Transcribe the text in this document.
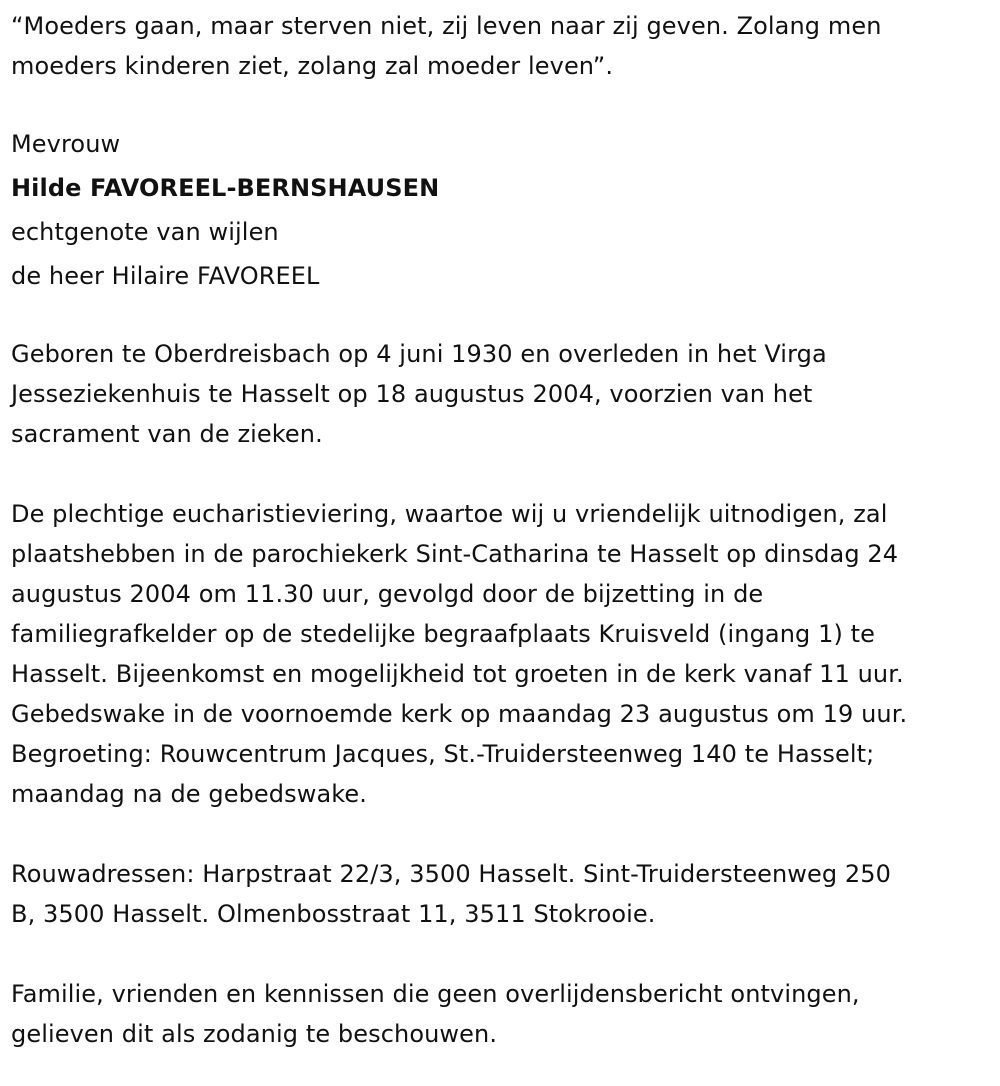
“Moeders gaan, maar sterven niet, zij leven naar zij geven. Zolang men
moeders kinderen ziet, zolang zal moeder leven”.
Mevrouw
Hilde FAVOREEL-BERNSHAUSEN
echtgenote van wijlen
de heer Hilaire FAVOREEL
Geboren te Oberdreisbach op 4 juni 1930 en overleden in het Virga
Jesseziekenhuis te Hasselt op 18 augustus 2004, voorzien van het
sacrament van de zieken.
De plechtige eucharistieviering, waartoe wij u vriendelijk uitnodigen, zal
plaatshebben in de parochiekerk Sint-Catharina te Hasselt op dinsdag 24
augustus 2004 om 11.30 uur, gevolgd door de bijzetting in de
familiegrafkelder op de stedelijke begraafplaats Kruisveld (ingang 1) te
Hasselt. Bijeenkomst en mogelijkheid tot groeten in de kerk vanaf 11 uur.
Gebedswake in de voornoemde kerk op maandag 23 augustus om 19 uur.
Begroeting: Rouwcentrum Jacques, St.-Truidersteenweg 140 te Hasselt;
maandag na de gebedswake.
Rouwadressen: Harpstraat 22/3, 3500 Hasselt. Sint-Truidersteenweg 250
B, 3500 Hasselt. Olmenbosstraat 11, 3511 Stokrooie.
Familie, vrienden en kennissen die geen overlijdensbericht ontvingen,
gelieven dit als zodanig te beschouwen.
